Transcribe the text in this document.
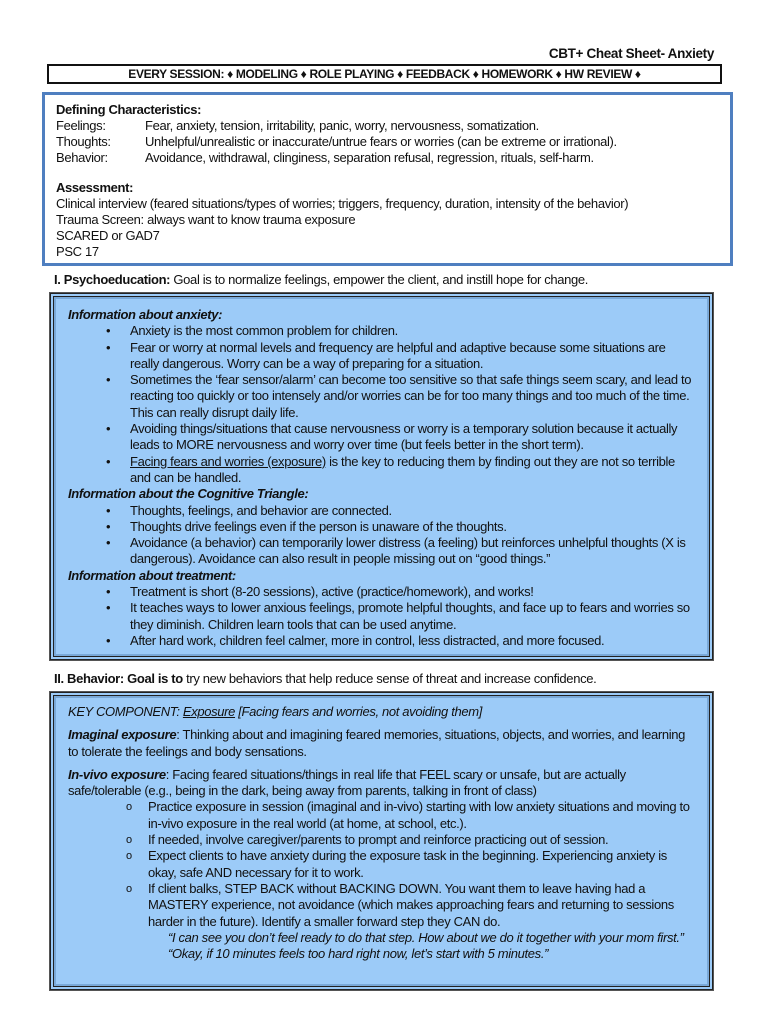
CBT+ Cheat Sheet- Anxiety
EVERY SESSION: ♦ MODELING ♦ ROLE PLAYING ♦ FEEDBACK ♦ HOMEWORK ♦ HW REVIEW ♦
Defining Characteristics:
Feelings:	Fear, anxiety, tension, irritability, panic, worry, nervousness, somatization.
Thoughts:	Unhelpful/unrealistic or inaccurate/untrue fears or worries (can be extreme or irrational).
Behavior:	Avoidance, withdrawal, clinginess, separation refusal, regression, rituals, self-harm.
Assessment:
Clinical interview (feared situations/types of worries; triggers, frequency, duration, intensity of the behavior)
Trauma Screen: always want to know trauma exposure
SCARED or GAD7
PSC 17
I. Psychoeducation: Goal is to normalize feelings, empower the client, and instill hope for change.
Information about anxiety:
• Anxiety is the most common problem for children.
• Fear or worry at normal levels and frequency are helpful and adaptive because some situations are really dangerous. Worry can be a way of preparing for a situation.
• Sometimes the ‘fear sensor/alarm’ can become too sensitive so that safe things seem scary, and lead to reacting too quickly or too intensely and/or worries can be for too many things and too much of the time. This can really disrupt daily life.
• Avoiding things/situations that cause nervousness or worry is a temporary solution because it actually leads to MORE nervousness and worry over time (but feels better in the short term).
• Facing fears and worries (exposure) is the key to reducing them by finding out they are not so terrible and can be handled.
Information about the Cognitive Triangle:
• Thoughts, feelings, and behavior are connected.
• Thoughts drive feelings even if the person is unaware of the thoughts.
• Avoidance (a behavior) can temporarily lower distress (a feeling) but reinforces unhelpful thoughts (X is dangerous). Avoidance can also result in people missing out on “good things.”
Information about treatment:
• Treatment is short (8-20 sessions), active (practice/homework), and works!
• It teaches ways to lower anxious feelings, promote helpful thoughts, and face up to fears and worries so they diminish. Children learn tools that can be used anytime.
• After hard work, children feel calmer, more in control, less distracted, and more focused.
II. Behavior: Goal is to try new behaviors that help reduce sense of threat and increase confidence.
KEY COMPONENT: Exposure [Facing fears and worries, not avoiding them]
Imaginal exposure: Thinking about and imagining feared memories, situations, objects, and worries, and learning to tolerate the feelings and body sensations.
In-vivo exposure: Facing feared situations/things in real life that FEEL scary or unsafe, but are actually safe/tolerable (e.g., being in the dark, being away from parents, talking in front of class)
o Practice exposure in session (imaginal and in-vivo) starting with low anxiety situations and moving to in-vivo exposure in the real world (at home, at school, etc.).
o If needed, involve caregiver/parents to prompt and reinforce practicing out of session.
o Expect clients to have anxiety during the exposure task in the beginning. Experiencing anxiety is okay, safe AND necessary for it to work.
o If client balks, STEP BACK without BACKING DOWN. You want them to leave having had a MASTERY experience, not avoidance (which makes approaching fears and returning to sessions harder in the future). Identify a smaller forward step they CAN do.
“I can see you don’t feel ready to do that step. How about we do it together with your mom first.”
“Okay, if 10 minutes feels too hard right now, let’s start with 5 minutes.”
